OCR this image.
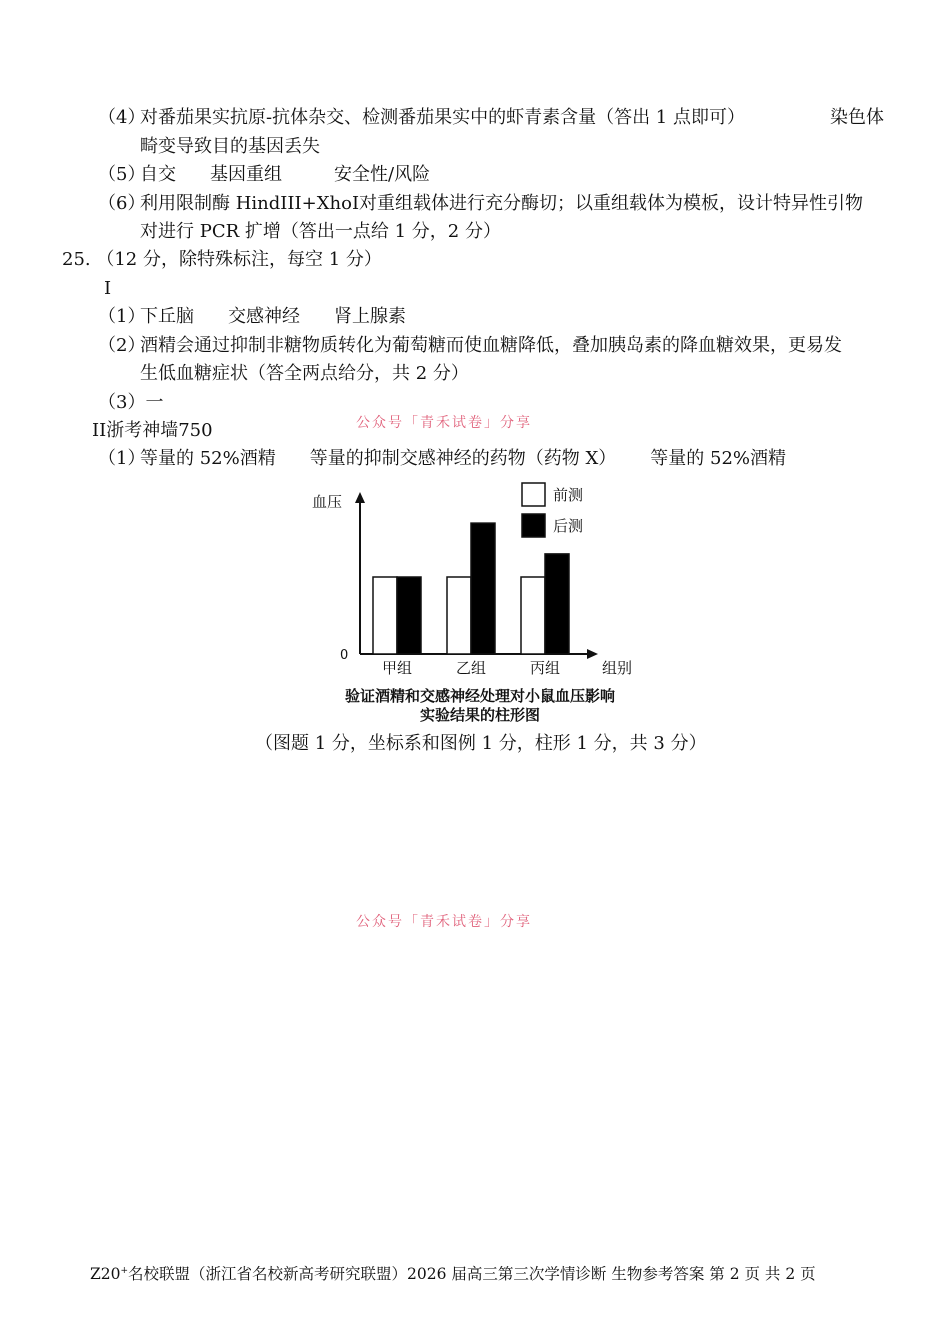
（4）对番茄果实抗原-抗体杂交、检测番茄果实中的虾青素含量（答出 1 点即可）	染色体
畸变导致目的基因丢失
（5）自交 基因重组	安全性/风险
（6）利用限制酶 HindIII+XhoI对重组载体进行充分酶切；以重组载体为模板，设计特异性引物
对进行 PCR 扩增（答出一点给 1 分，2 分）
25. （12 分，除特殊标注，每空 1 分）
I
（1）下丘脑 交感神经 肾上腺素
（2）酒精会通过抑制非糖物质转化为葡萄糖而使血糖降低，叠加胰岛素的降血糖效果，更易发
生低血糖症状（答全两点给分，共 2 分）
（3）一
公众号「青禾试卷」分享
II浙考神墙750
（1）等量的 52%酒精 等量的抑制交感神经的药物（药物 X） 等量的 52%酒精
血压
0
组别
前测
后测
甲组	乙组	丙组
验证酒精和交感神经处理对小鼠血压影响
实验结果的柱形图
（图题 1 分，坐标系和图例 1 分，柱形 1 分，共 3 分）
公众号「青禾试卷」分享
Z20+名校联盟（浙江省名校新高考研究联盟）2026 届高三第三次学情诊断 生物参考答案 第 2 页 共 2 页
